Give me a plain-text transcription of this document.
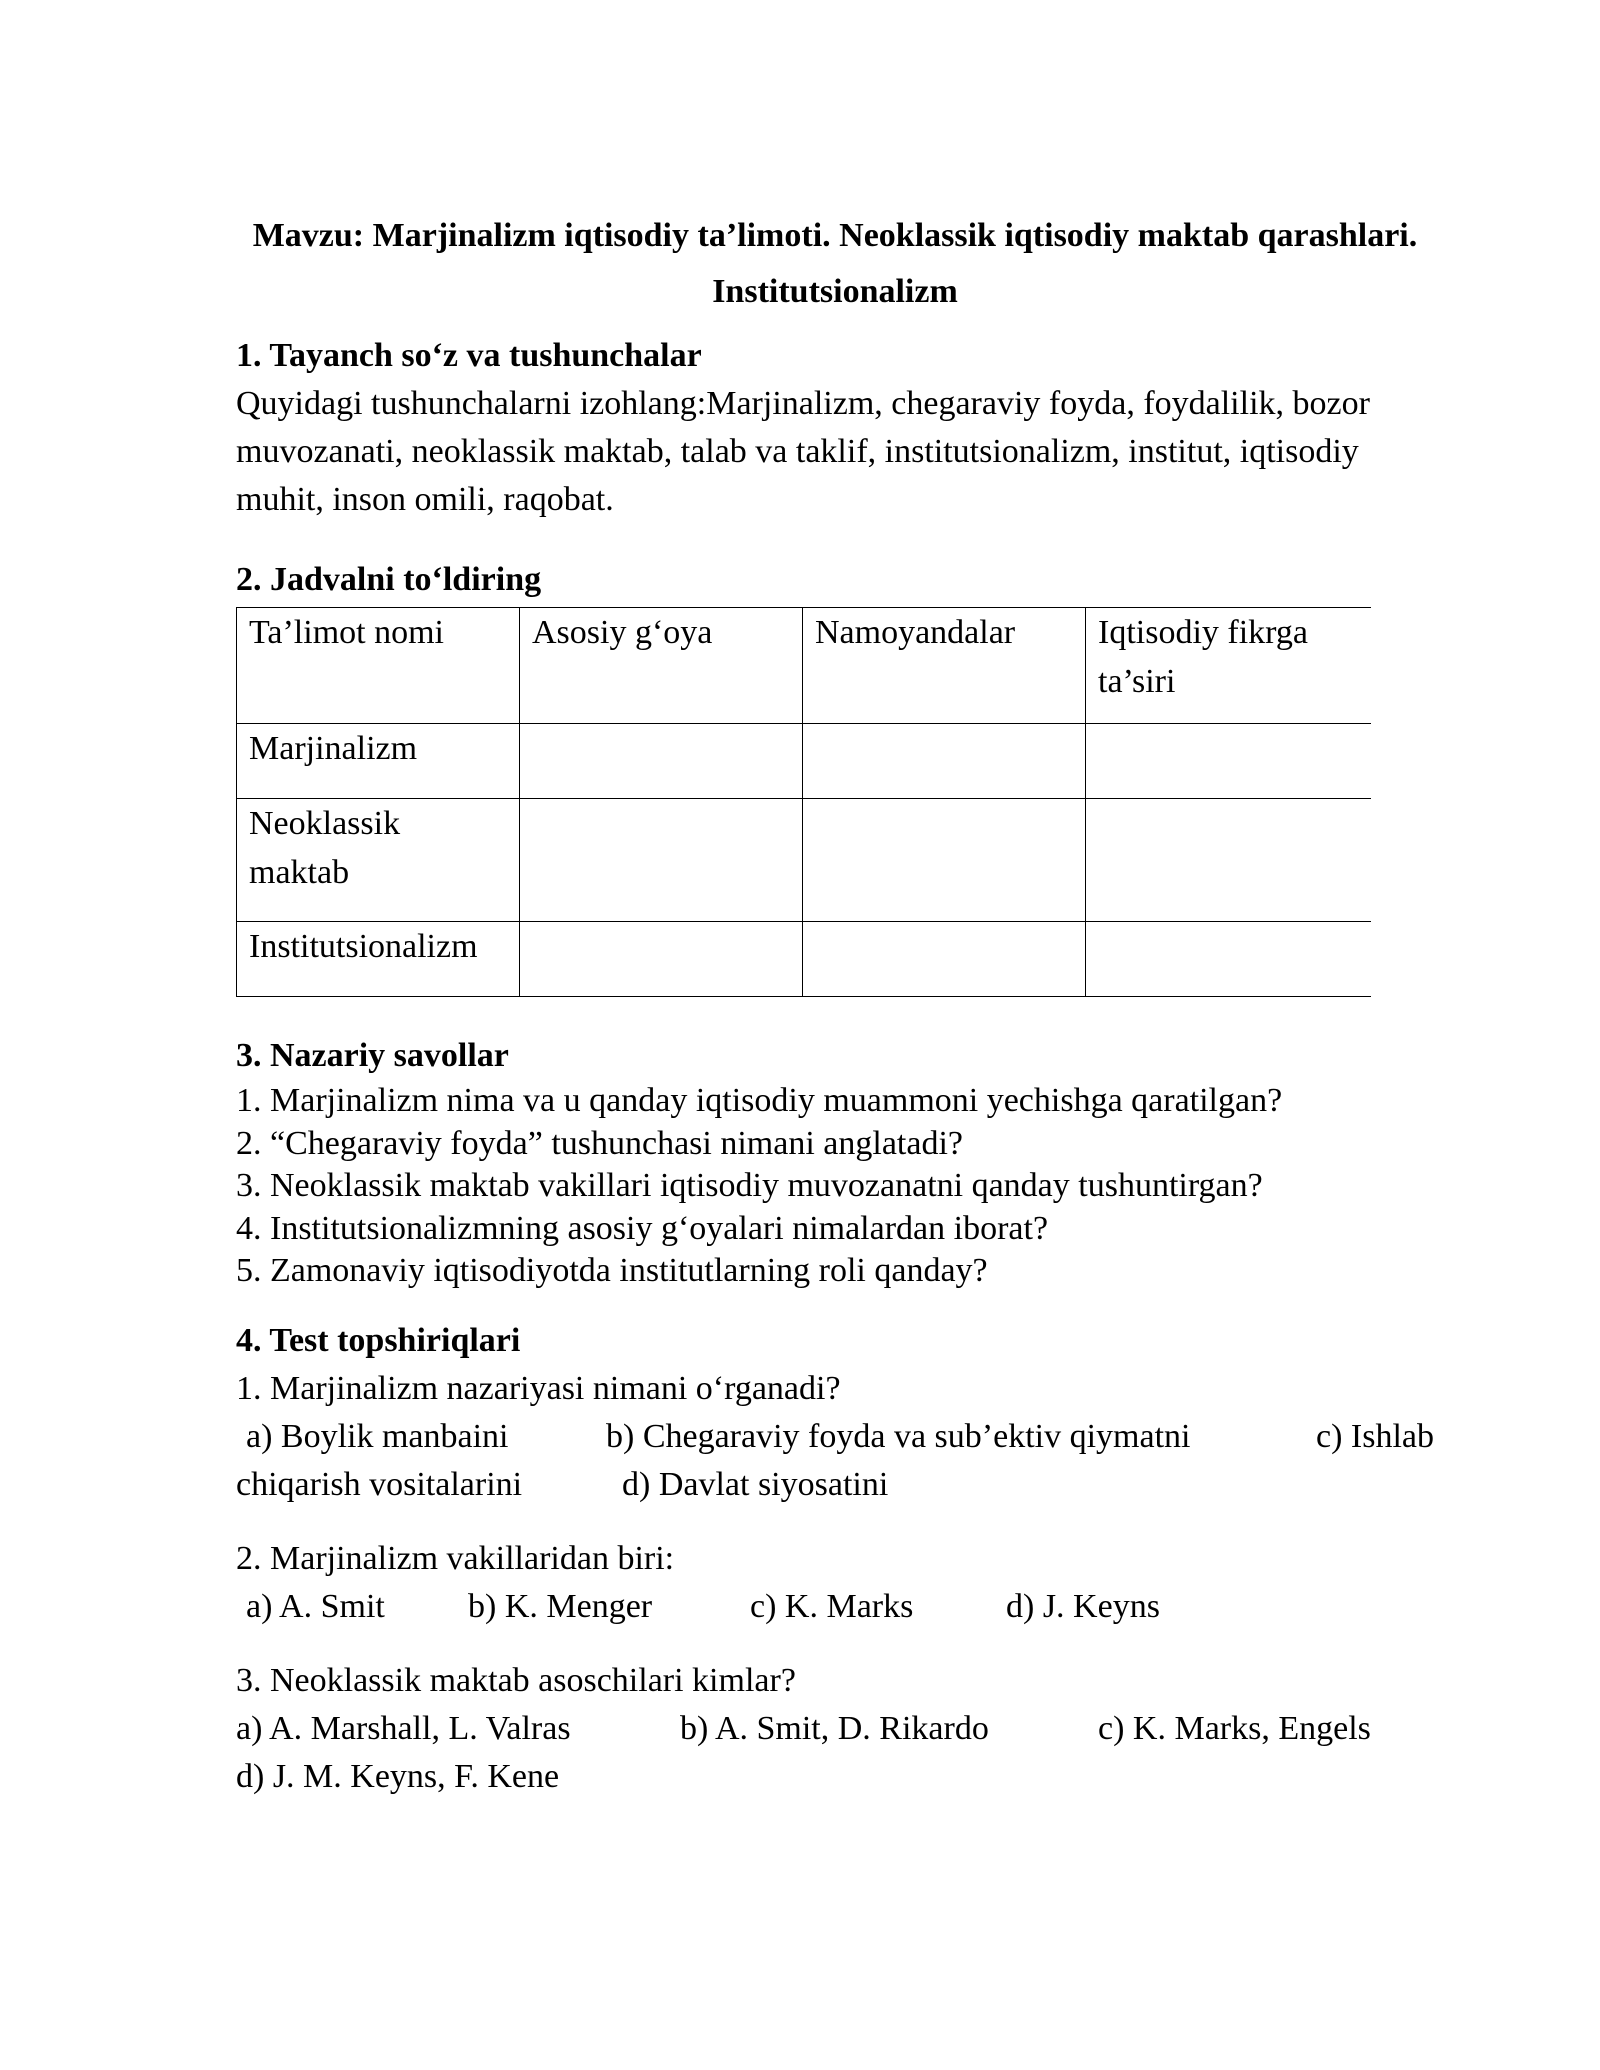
Mavzu: Marjinalizm iqtisodiy ta’limoti. Neoklassik iqtisodiy maktab qarashlari.
Institutsionalizm
1. Tayanch so‘z va tushunchalar
Quyidagi tushunchalarni izohlang:Marjinalizm, chegaraviy foyda, foydalilik, bozor
muvozanati, neoklassik maktab, talab va taklif, institutsionalizm, institut, iqtisodiy
muhit, inson omili, raqobat.
2. Jadvalni to‘ldiring
Ta’limot nomi	Asosiy g‘oya	Namoyandalar	Iqtisodiy fikrga ta’siri
Marjinalizm			
Neoklassik maktab			
Institutsionalizm			
3. Nazariy savollar
1. Marjinalizm nima va u qanday iqtisodiy muammoni yechishga qaratilgan?
2. “Chegaraviy foyda” tushunchasi nimani anglatadi?
3. Neoklassik maktab vakillari iqtisodiy muvozanatni qanday tushuntirgan?
4. Institutsionalizmning asosiy g‘oyalari nimalardan iborat?
5. Zamonaviy iqtisodiyotda institutlarning roli qanday?
4. Test topshiriqlari
1. Marjinalizm nazariyasi nimani o‘rganadi?
a) Boylik manbaini	b) Chegaraviy foyda va sub’ektiv qiymatni	c) Ishlab
chiqarish vositalarini	d) Davlat siyosatini
2. Marjinalizm vakillaridan biri:
a) A. Smit b) K. Menger	c) K. Marks	d) J. Keyns
3. Neoklassik maktab asoschilari kimlar?
a) A. Marshall, L. Valras	b) A. Smit, D. Rikardo	c) K. Marks, Engels
d) J. M. Keyns, F. Kene
